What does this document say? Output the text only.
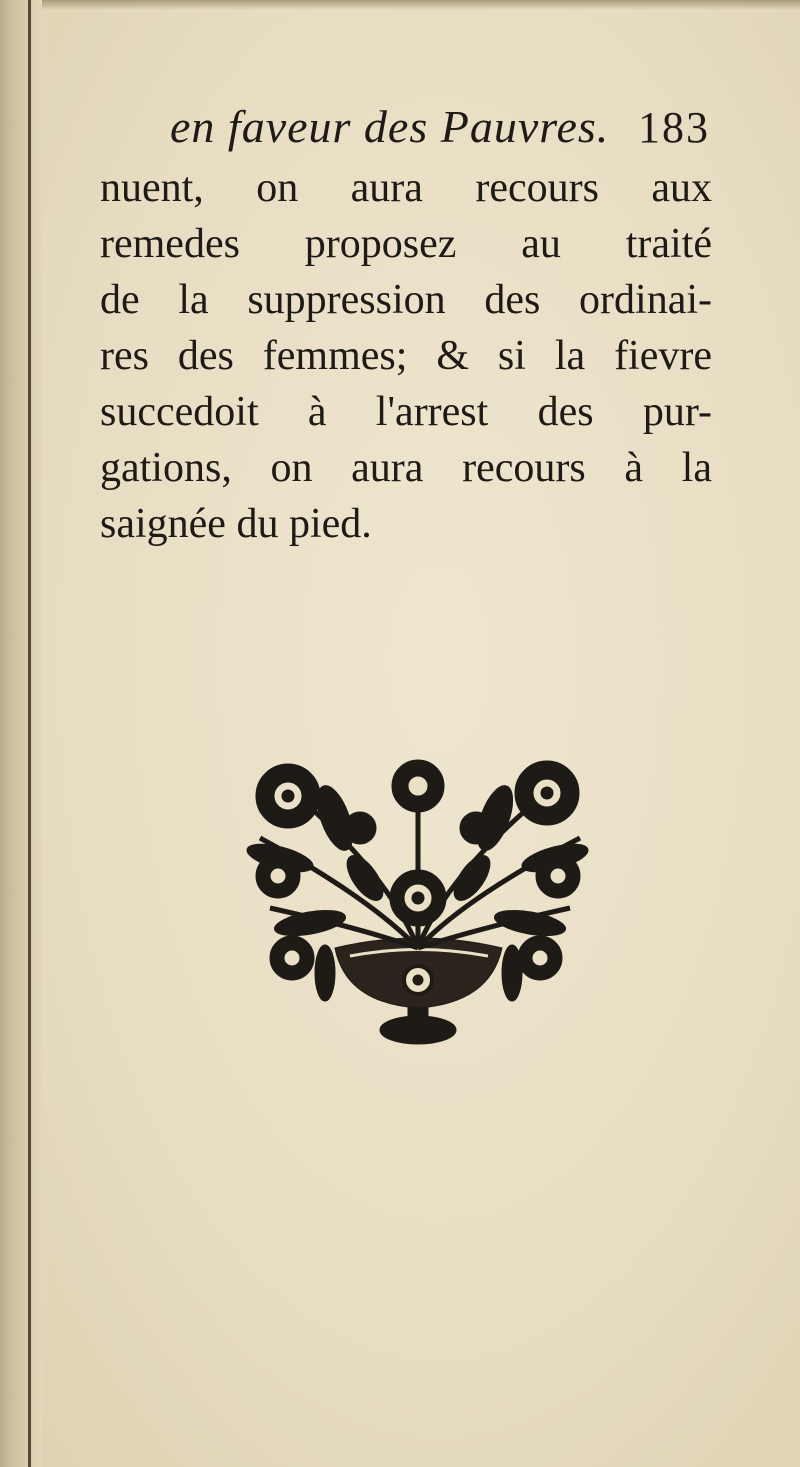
en faveur des Pauvres. 183
nuent, on aura recours aux
remedes proposez au traité
de la suppression des ordinai-
res des femmes; & si la fievre
succedoit à l'arrest des pur-
gations, on aura recours à la
saignée du pied.
